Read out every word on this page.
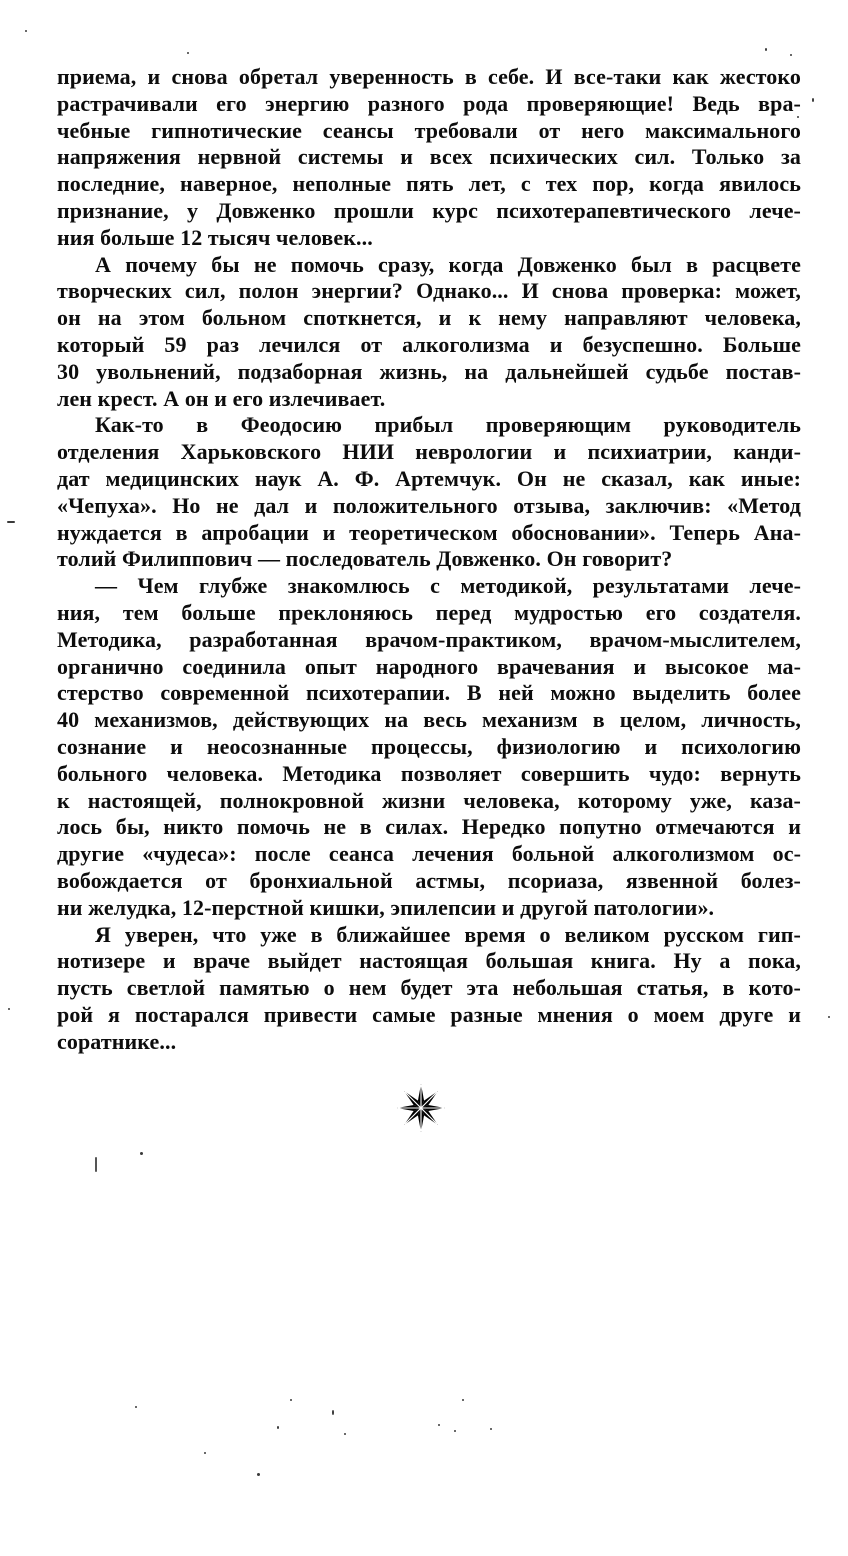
приема, и снова обретал уверенность в себе. И все-таки как жестоко
растрачивали его энергию разного рода проверяющие! Ведь вра-
чебные гипнотические сеансы требовали от него максимального
напряжения нервной системы и всех психических сил. Только за
последние, наверное, неполные пять лет, с тех пор, когда явилось
признание, у Довженко прошли курс психотерапевтического лече-
ния больше 12 тысяч человек...
А почему бы не помочь сразу, когда Довженко был в расцвете
творческих сил, полон энергии? Однако... И снова проверка: может,
он на этом больном споткнется, и к нему направляют человека,
который 59 раз лечился от алкоголизма и безуспешно. Больше
30 увольнений, подзаборная жизнь, на дальнейшей судьбе постав-
лен крест. А он и его излечивает.
Как-то в Феодосию прибыл проверяющим руководитель
отделения Харьковского НИИ неврологии и психиатрии, канди-
дат медицинских наук А. Ф. Артемчук. Он не сказал, как иные:
«Чепуха». Но не дал и положительного отзыва, заключив: «Метод
нуждается в апробации и теоретическом обосновании». Теперь Ана-
толий Филиппович — последователь Довженко. Он говорит?
— Чем глубже знакомлюсь с методикой, результатами лече-
ния, тем больше преклоняюсь перед мудростью его создателя.
Методика, разработанная врачом-практиком, врачом-мыслителем,
органично соединила опыт народного врачевания и высокое ма-
стерство современной психотерапии. В ней можно выделить более
40 механизмов, действующих на весь механизм в целом, личность,
сознание и неосознанные процессы, физиологию и психологию
больного человека. Методика позволяет совершить чудо: вернуть
к настоящей, полнокровной жизни человека, которому уже, каза-
лось бы, никто помочь не в силах. Нередко попутно отмечаются и
другие «чудеса»: после сеанса лечения больной алкоголизмом ос-
вобождается от бронхиальной астмы, псориаза, язвенной болез-
ни желудка, 12-перстной кишки, эпилепсии и другой патологии».
Я уверен, что уже в ближайшее время о великом русском гип-
нотизере и враче выйдет настоящая большая книга. Ну а пока,
пусть светлой памятью о нем будет эта небольшая статья, в кото-
рой я постарался привести самые разные мнения о моем друге и
соратнике...
